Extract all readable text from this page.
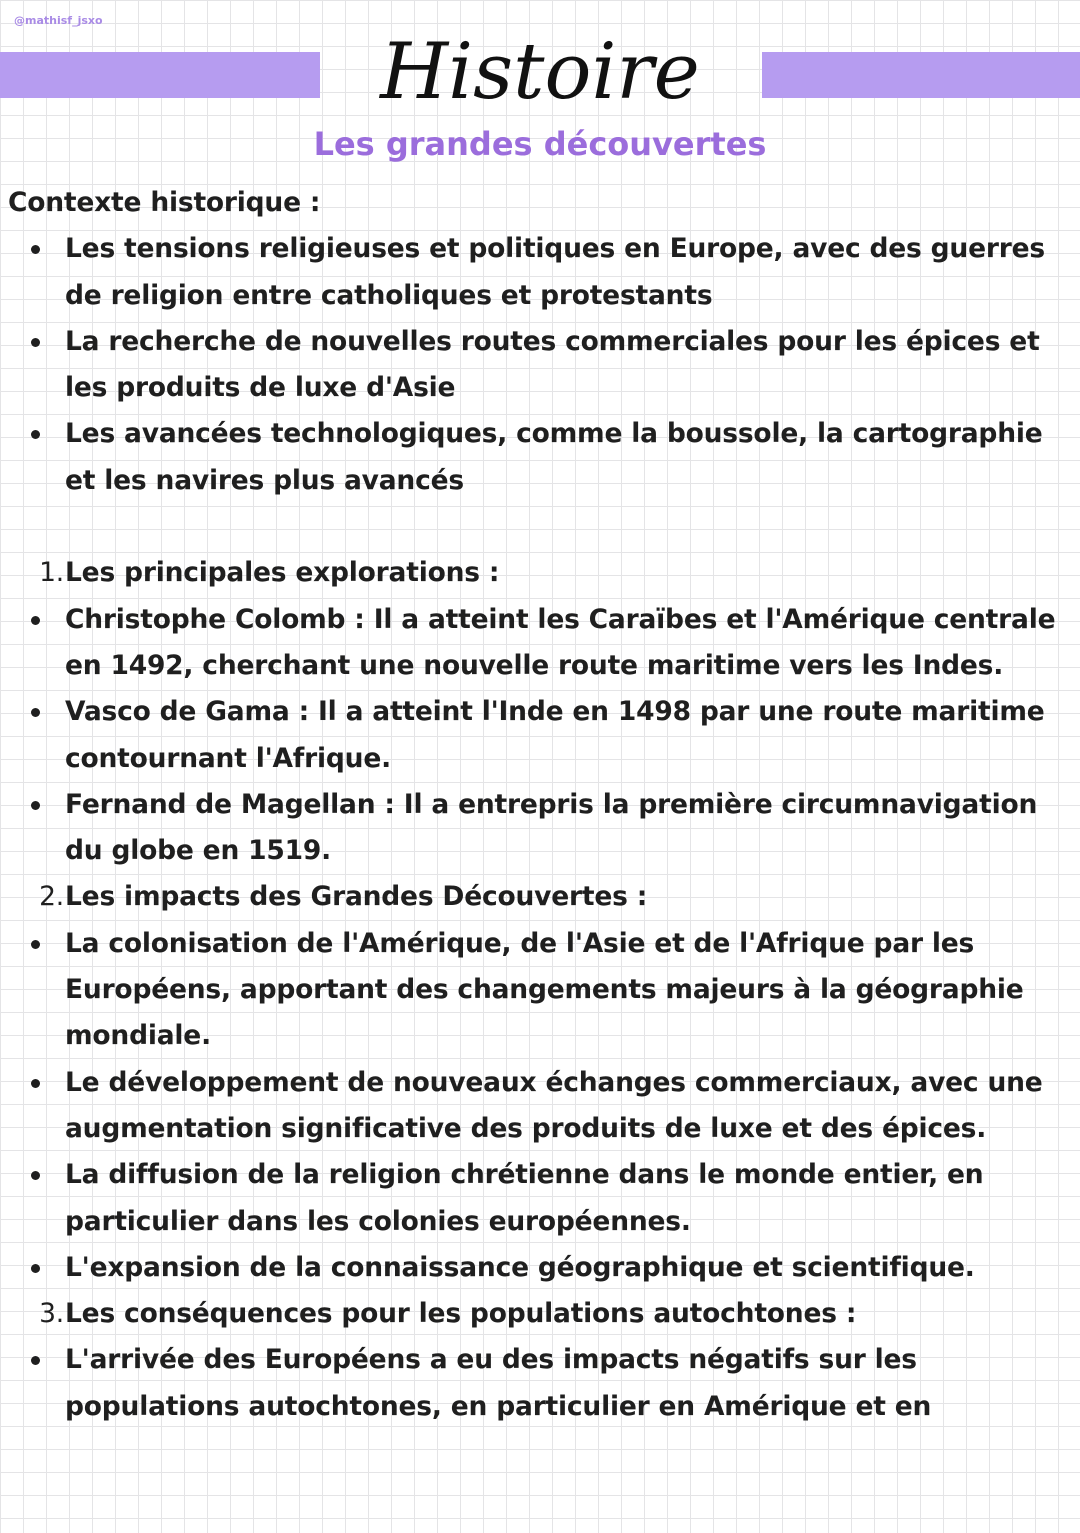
@mathisf_jsxo
Histoire
Les grandes découvertes
Contexte historique :
Les tensions religieuses et politiques en Europe, avec des guerres de religion entre catholiques et protestants
La recherche de nouvelles routes commerciales pour les épices et les produits de luxe d'Asie
Les avancées technologiques, comme la boussole, la cartographie et les navires plus avancés
1. Les principales explorations :
Christophe Colomb : Il a atteint les Caraïbes et l'Amérique centrale en 1492, cherchant une nouvelle route maritime vers les Indes.
Vasco de Gama : Il a atteint l'Inde en 1498 par une route maritime contournant l'Afrique.
Fernand de Magellan : Il a entrepris la première circumnavigation du globe en 1519.
2. Les impacts des Grandes Découvertes :
La colonisation de l'Amérique, de l'Asie et de l'Afrique par les Européens, apportant des changements majeurs à la géographie mondiale.
Le développement de nouveaux échanges commerciaux, avec une augmentation significative des produits de luxe et des épices.
La diffusion de la religion chrétienne dans le monde entier, en particulier dans les colonies européennes.
L'expansion de la connaissance géographique et scientifique.
3. Les conséquences pour les populations autochtones :
L'arrivée des Européens a eu des impacts négatifs sur les populations autochtones, en particulier en Amérique et en
